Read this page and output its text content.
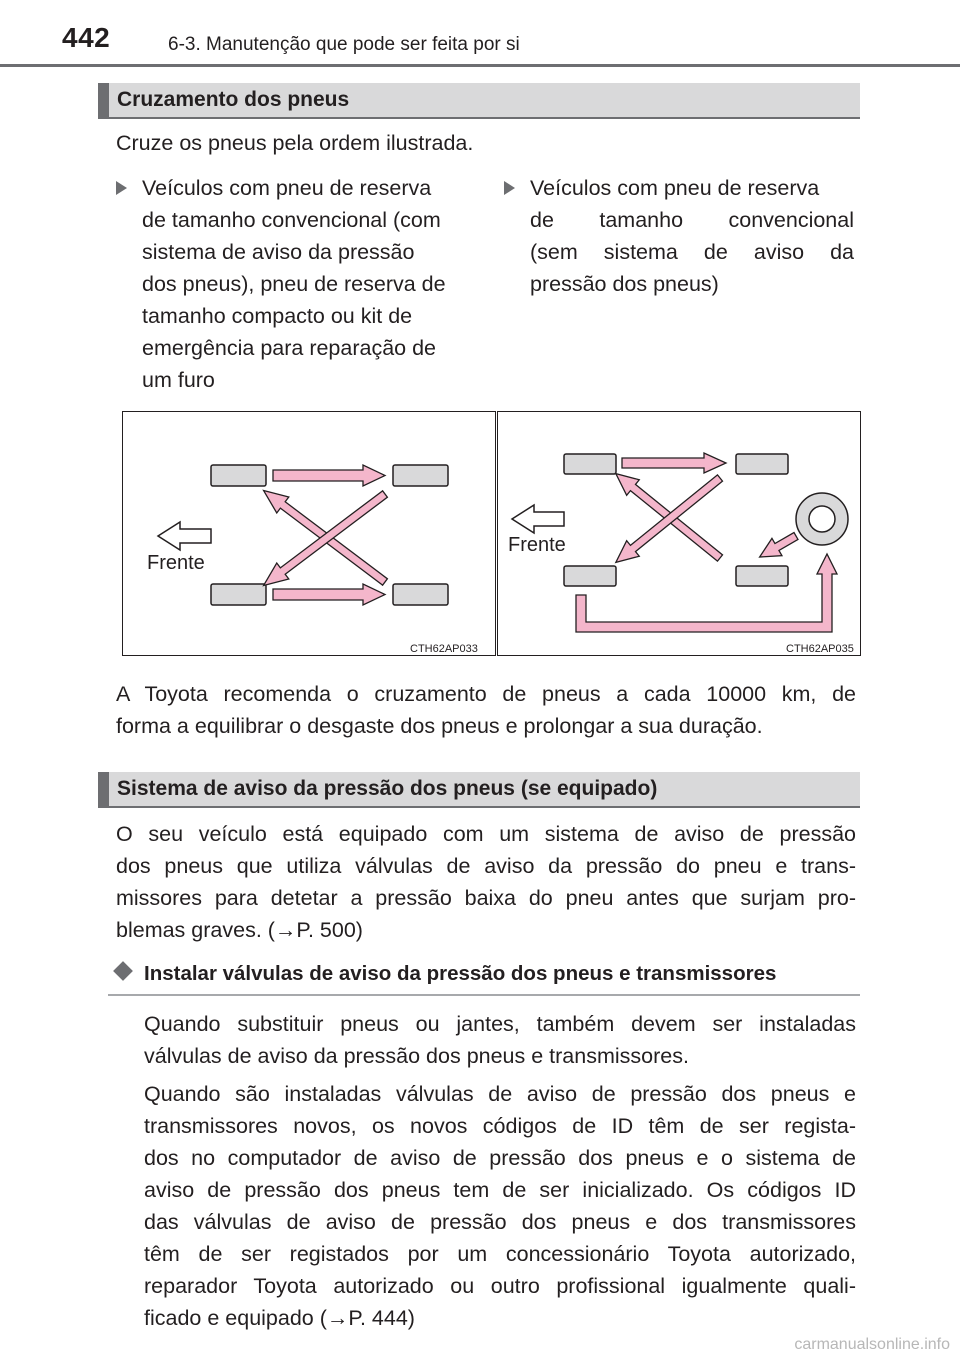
442	6-3. Manutenção que pode ser feita por si
Cruzamento dos pneus
Cruze os pneus pela ordem ilustrada.
Veículos com pneu de reserva
de tamanho convencional (com
sistema de aviso da pressão
dos pneus), pneu de reserva de
tamanho compacto ou kit de
emergência para reparação de
um furo
Veículos com pneu de reserva
de tamanho convencional
(sem sistema de aviso da
pressão dos pneus)
Frente
CTH62AP033
Frente
CTH62AP035
A Toyota recomenda o cruzamento de pneus a cada 10000 km, de
forma a equilibrar o desgaste dos pneus e prolongar a sua duração.
Sistema de aviso da pressão dos pneus (se equipado)
O seu veículo está equipado com um sistema de aviso de pressão
dos pneus que utiliza válvulas de aviso da pressão do pneu e trans-
missores para detetar a pressão baixa do pneu antes que surjam pro-
blemas graves. (→P. 500)
Instalar válvulas de aviso da pressão dos pneus e transmissores
Quando substituir pneus ou jantes, também devem ser instaladas
válvulas de aviso da pressão dos pneus e transmissores.
Quando são instaladas válvulas de aviso de pressão dos pneus e
transmissores novos, os novos códigos de ID têm de ser regista-
dos no computador de aviso de pressão dos pneus e o sistema de
aviso de pressão dos pneus tem de ser inicializado. Os códigos ID
das válvulas de aviso de pressão dos pneus e dos transmissores
têm de ser registados por um concessionário Toyota autorizado,
reparador Toyota autorizado ou outro profissional igualmente quali-
ficado e equipado (→P. 444)
carmanualsonline.info
